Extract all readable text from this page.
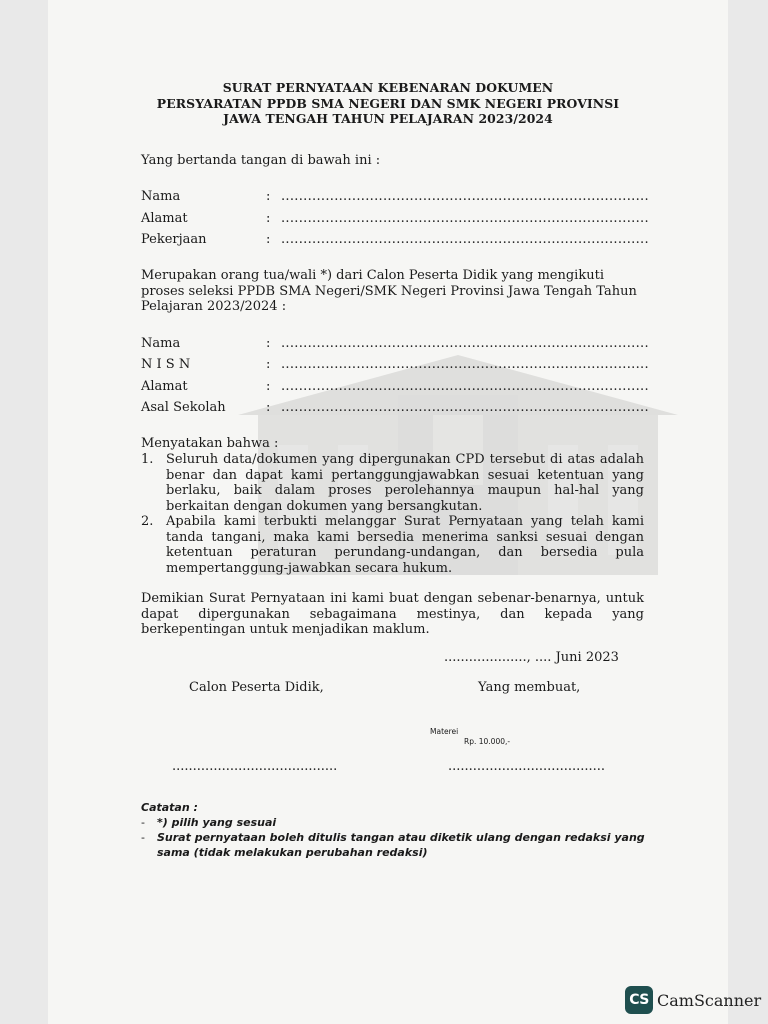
SURAT PERNYATAAN KEBENARAN DOKUMEN
PERSYARATAN PPDB SMA NEGERI DAN SMK NEGERI PROVINSI
JAWA TENGAH TAHUN PELAJARAN 2023/2024
Yang bertanda tangan di bawah ini :
Nama	: ...................................................................................
Alamat	: ...................................................................................
Pekerjaan	: ...................................................................................
Merupakan orang tua/wali *) dari Calon Peserta Didik yang mengikuti
proses seleksi PPDB SMA Negeri/SMK Negeri Provinsi Jawa Tengah Tahun
Pelajaran 2023/2024 :
Nama	: ...................................................................................
N I S N	: ...................................................................................
Alamat	: ...................................................................................
Asal Sekolah	: ...................................................................................
Menyatakan bahwa :
1. Seluruh data/dokumen yang dipergunakan CPD tersebut di atas adalah benar dan dapat kami pertanggungjawabkan sesuai ketentuan yang berlaku, baik dalam proses perolehannya maupun hal-hal yang berkaitan dengan dokumen yang bersangkutan.
2. Apabila kami terbukti melanggar Surat Pernyataan yang telah kami tanda tangani, maka kami bersedia menerima sanksi sesuai dengan ketentuan peraturan perundang-undangan, dan bersedia pula mempertanggung-jawabkan secara hukum.
Demikian Surat Pernyataan ini kami buat dengan sebenar-benarnya, untuk dapat dipergunakan sebagaimana mestinya, dan kepada yang berkepentingan untuk menjadikan maklum.
...................., .... Juni 2023
Calon Peserta Didik,	Yang membuat,
Materei
Rp. 10.000,-
........................................	......................................
Catatan :
- *) pilih yang sesuai
- Surat pernyataan boleh ditulis tangan atau diketik ulang dengan redaksi yang sama (tidak melakukan perubahan redaksi)
CS CamScanner
